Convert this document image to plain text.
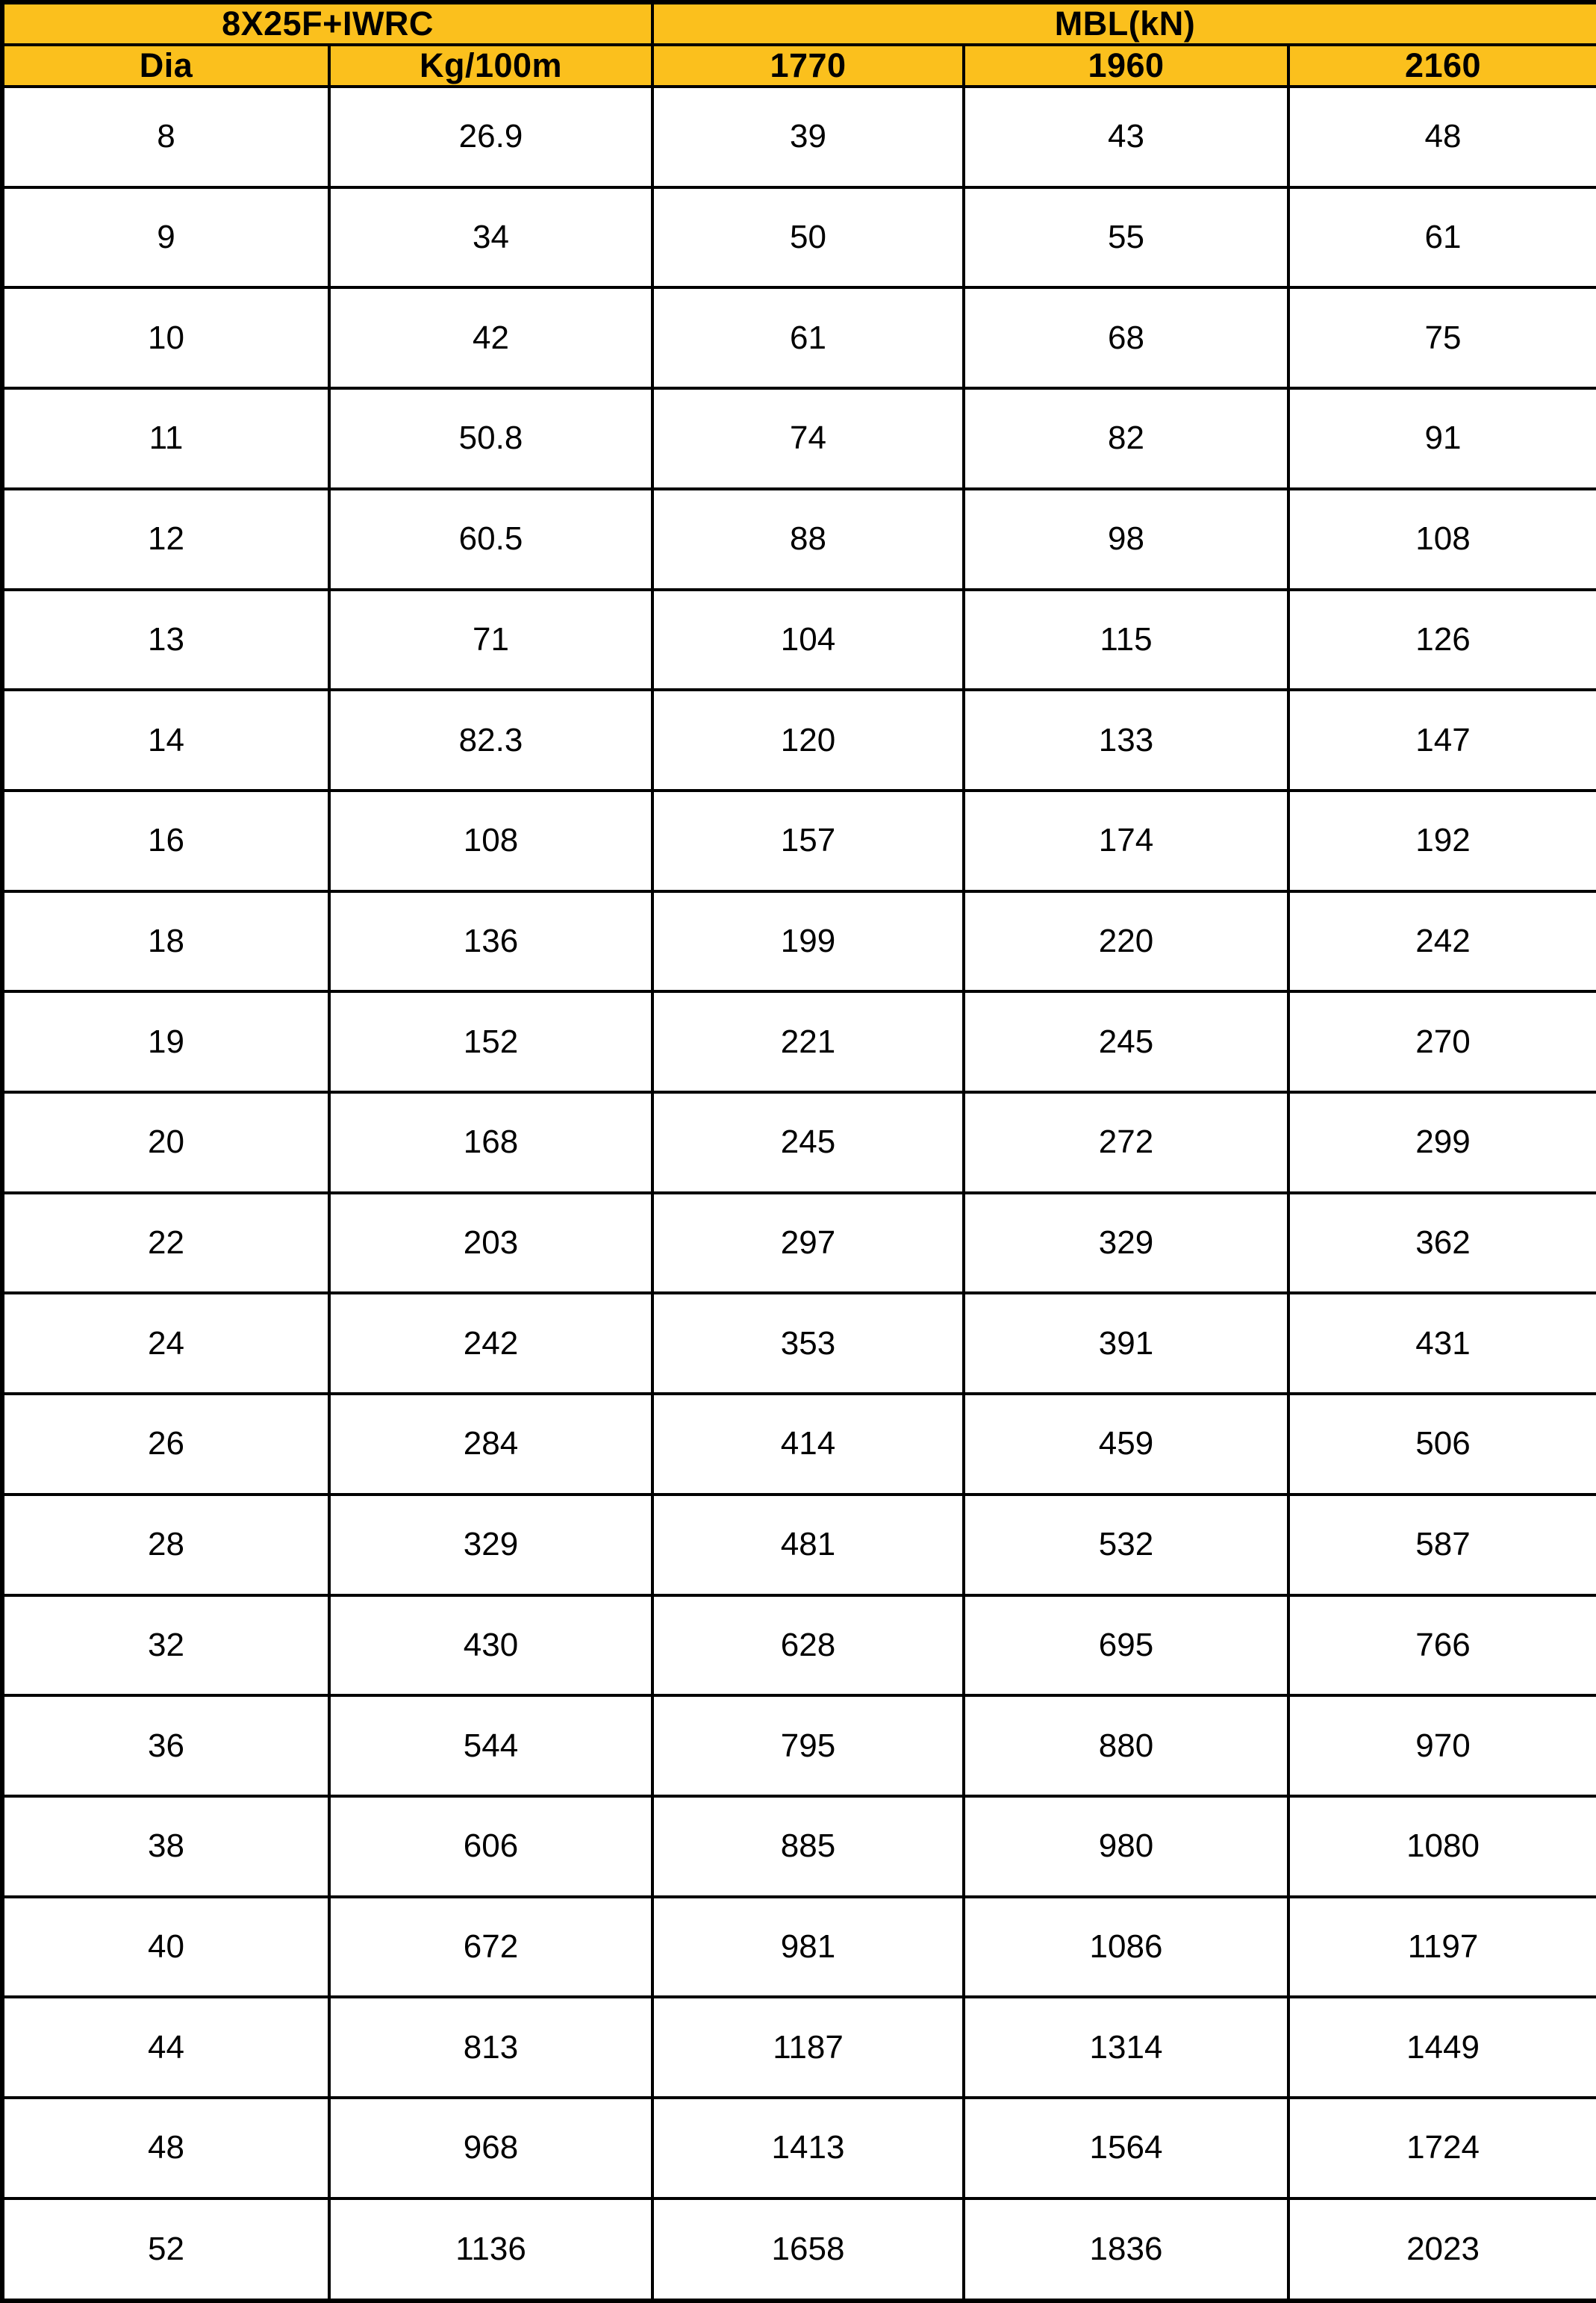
8X25F+IWRC		MBL(kN)		
Dia	Kg/100m	1770	1960	2160
8	26.9	39	43	48
9	34	50	55	61
10	42	61	68	75
11	50.8	74	82	91
12	60.5	88	98	108
13	71	104	115	126
14	82.3	120	133	147
16	108	157	174	192
18	136	199	220	242
19	152	221	245	270
20	168	245	272	299
22	203	297	329	362
24	242	353	391	431
26	284	414	459	506
28	329	481	532	587
32	430	628	695	766
36	544	795	880	970
38	606	885	980	1080
40	672	981	1086	1197
44	813	1187	1314	1449
48	968	1413	1564	1724
52	1136	1658	1836	2023
